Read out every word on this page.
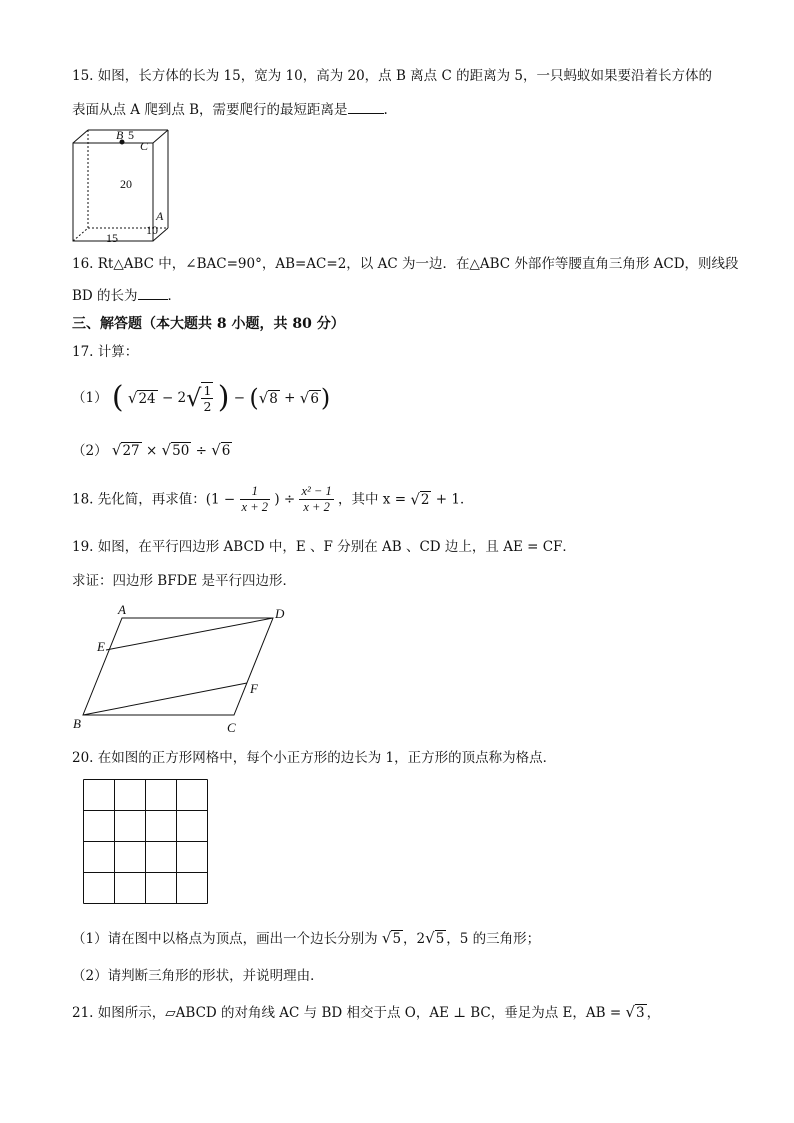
15. 如图，长方体的长为 15，宽为 10，高为 20，点 B 离点 C 的距离为 5，一只蚂蚁如果要沿着长方体的
表面从点 A 爬到点 B，需要爬行的最短距离是	.
B 5
C
20
A
15
10
16. Rt△ABC 中，∠BAC=90°，AB=AC=2，以 AC 为一边．在△ABC 外部作等腰直角三角形 ACD，则线段
BD 的长为 ．
三、解答题（本大题共 8 小题，共 80 分）
17. 计算：
（1） ( $√24 - 2√ \frac{1}{2}$ ) − (√8 + √6)
（2） √27 × √50 ÷ √6
18. 先化简，再求值：($1 - \frac{1}{x + 2}$ ) ÷ $\frac{\text{x² − 1}}{x + 2}$ ，其中 x = √2 + 1．
19. 如图，在平行四边形 ABCD 中，E 、F 分别在 AB 、CD 边上，且 AE = CF．
求证：四边形 BFDE 是平行四边形．
A	D
E
F
B	C
20. 在如图的正方形网格中，每个小正方形的边长为 1，正方形的顶点称为格点．
（1）请在图中以格点为顶点，画出一个边长分别为 √5 ，2√5 ，5 的三角形；
（2）请判断三角形的形状，并说明理由．
21. 如图所示，▱ABCD 的对角线 AC 与 BD 相交于点 O，AE ⊥ BC，垂足为点 E，AB = √3 ，
